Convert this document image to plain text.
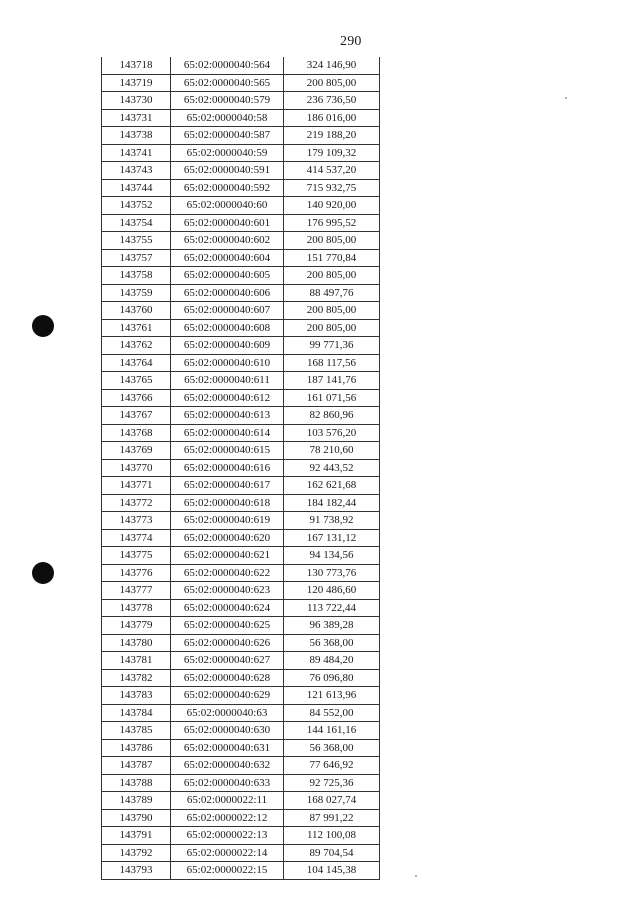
290
143718	65:02:0000040:564	324 146,90
143719	65:02:0000040:565	200 805,00
143730	65:02:0000040:579	236 736,50
143731	65:02:0000040:58	186 016,00
143738	65:02:0000040:587	219 188,20
143741	65:02:0000040:59	179 109,32
143743	65:02:0000040:591	414 537,20
143744	65:02:0000040:592	715 932,75
143752	65:02:0000040:60	140 920,00
143754	65:02:0000040:601	176 995,52
143755	65:02:0000040:602	200 805,00
143757	65:02:0000040:604	151 770,84
143758	65:02:0000040:605	200 805,00
143759	65:02:0000040:606	88 497,76
143760	65:02:0000040:607	200 805,00
143761	65:02:0000040:608	200 805,00
143762	65:02:0000040:609	99 771,36
143764	65:02:0000040:610	168 117,56
143765	65:02:0000040:611	187 141,76
143766	65:02:0000040:612	161 071,56
143767	65:02:0000040:613	82 860,96
143768	65:02:0000040:614	103 576,20
143769	65:02:0000040:615	78 210,60
143770	65:02:0000040:616	92 443,52
143771	65:02:0000040:617	162 621,68
143772	65:02:0000040:618	184 182,44
143773	65:02:0000040:619	91 738,92
143774	65:02:0000040:620	167 131,12
143775	65:02:0000040:621	94 134,56
143776	65:02:0000040:622	130 773,76
143777	65:02:0000040:623	120 486,60
143778	65:02:0000040:624	113 722,44
143779	65:02:0000040:625	96 389,28
143780	65:02:0000040:626	56 368,00
143781	65:02:0000040:627	89 484,20
143782	65:02:0000040:628	76 096,80
143783	65:02:0000040:629	121 613,96
143784	65:02:0000040:63	84 552,00
143785	65:02:0000040:630	144 161,16
143786	65:02:0000040:631	56 368,00
143787	65:02:0000040:632	77 646,92
143788	65:02:0000040:633	92 725,36
143789	65:02:0000022:11	168 027,74
143790	65:02:0000022:12	87 991,22
143791	65:02:0000022:13	112 100,08
143792	65:02:0000022:14	89 704,54
143793	65:02:0000022:15	104 145,38
